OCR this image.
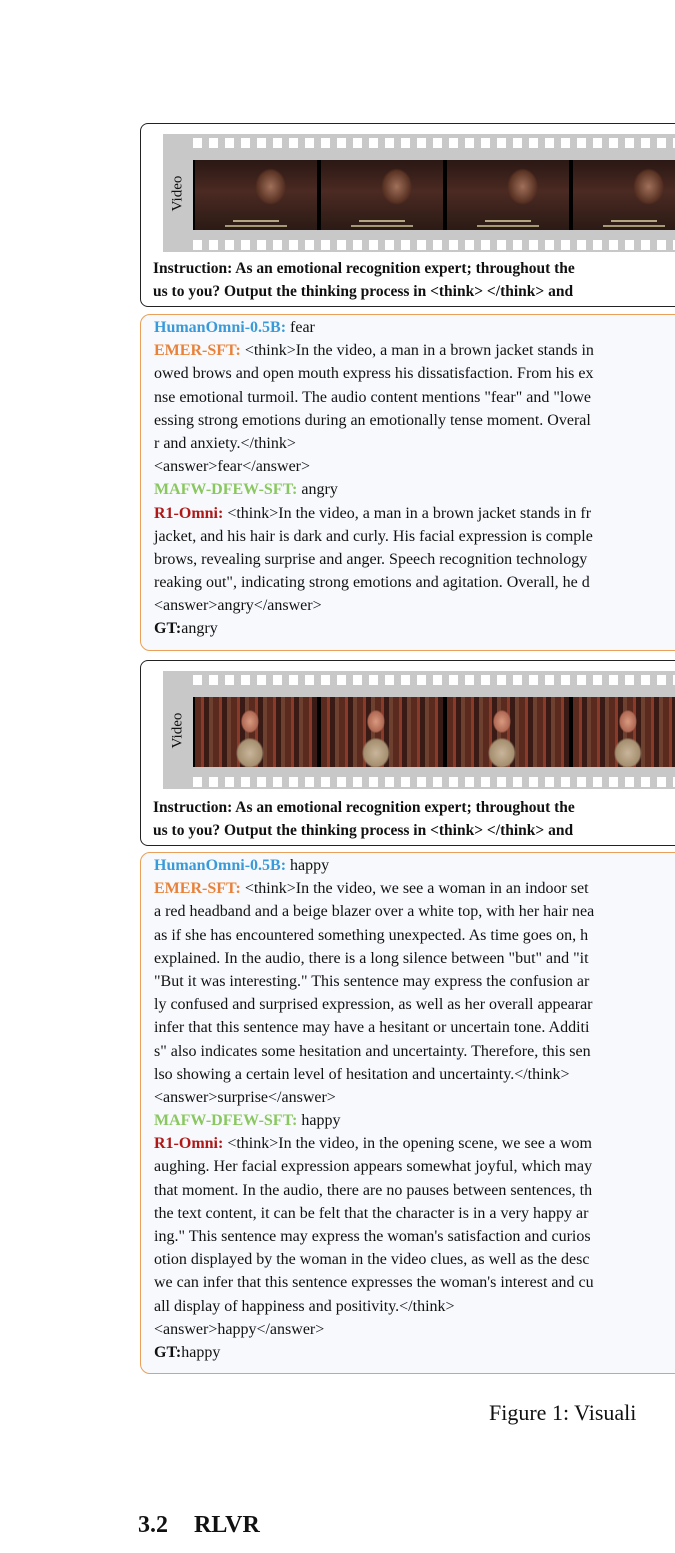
Video
Instruction: As an emotional recognition expert; throughout the
us to you? Output the thinking process in <think> </think> and
HumanOmni-0.5B: fear
EMER-SFT: <think>In the video, a man in a brown jacket stands in
owed brows and open mouth express his dissatisfaction. From his ex
nse emotional turmoil. The audio content mentions "fear" and "lowe
essing strong emotions during an emotionally tense moment. Overal
r and anxiety.</think>
<answer>fear</answer>
MAFW-DFEW-SFT: angry
R1-Omni: <think>In the video, a man in a brown jacket stands in fr
jacket, and his hair is dark and curly. His facial expression is comple
brows, revealing surprise and anger. Speech recognition technology
reaking out", indicating strong emotions and agitation. Overall, he d
<answer>angry</answer>
GT:angry
Video
Instruction: As an emotional recognition expert; throughout the
us to you? Output the thinking process in <think> </think> and
HumanOmni-0.5B: happy
EMER-SFT: <think>In the video, we see a woman in an indoor set
a red headband and a beige blazer over a white top, with her hair nea
as if she has encountered something unexpected. As time goes on, h
explained. In the audio, there is a long silence between "but" and "it
"But it was interesting." This sentence may express the confusion ar
ly confused and surprised expression, as well as her overall appearar
infer that this sentence may have a hesitant or uncertain tone. Additi
s" also indicates some hesitation and uncertainty. Therefore, this sen
lso showing a certain level of hesitation and uncertainty.</think>
<answer>surprise</answer>
MAFW-DFEW-SFT: happy
R1-Omni: <think>In the video, in the opening scene, we see a wom
aughing. Her facial expression appears somewhat joyful, which may
that moment. In the audio, there are no pauses between sentences, th
the text content, it can be felt that the character is in a very happy ar
ing." This sentence may express the woman's satisfaction and curios
otion displayed by the woman in the video clues, as well as the desc
we can infer that this sentence expresses the woman's interest and cu
all display of happiness and positivity.</think>
<answer>happy</answer>
GT:happy
Figure 1: Visuali
3.2 RLVR
